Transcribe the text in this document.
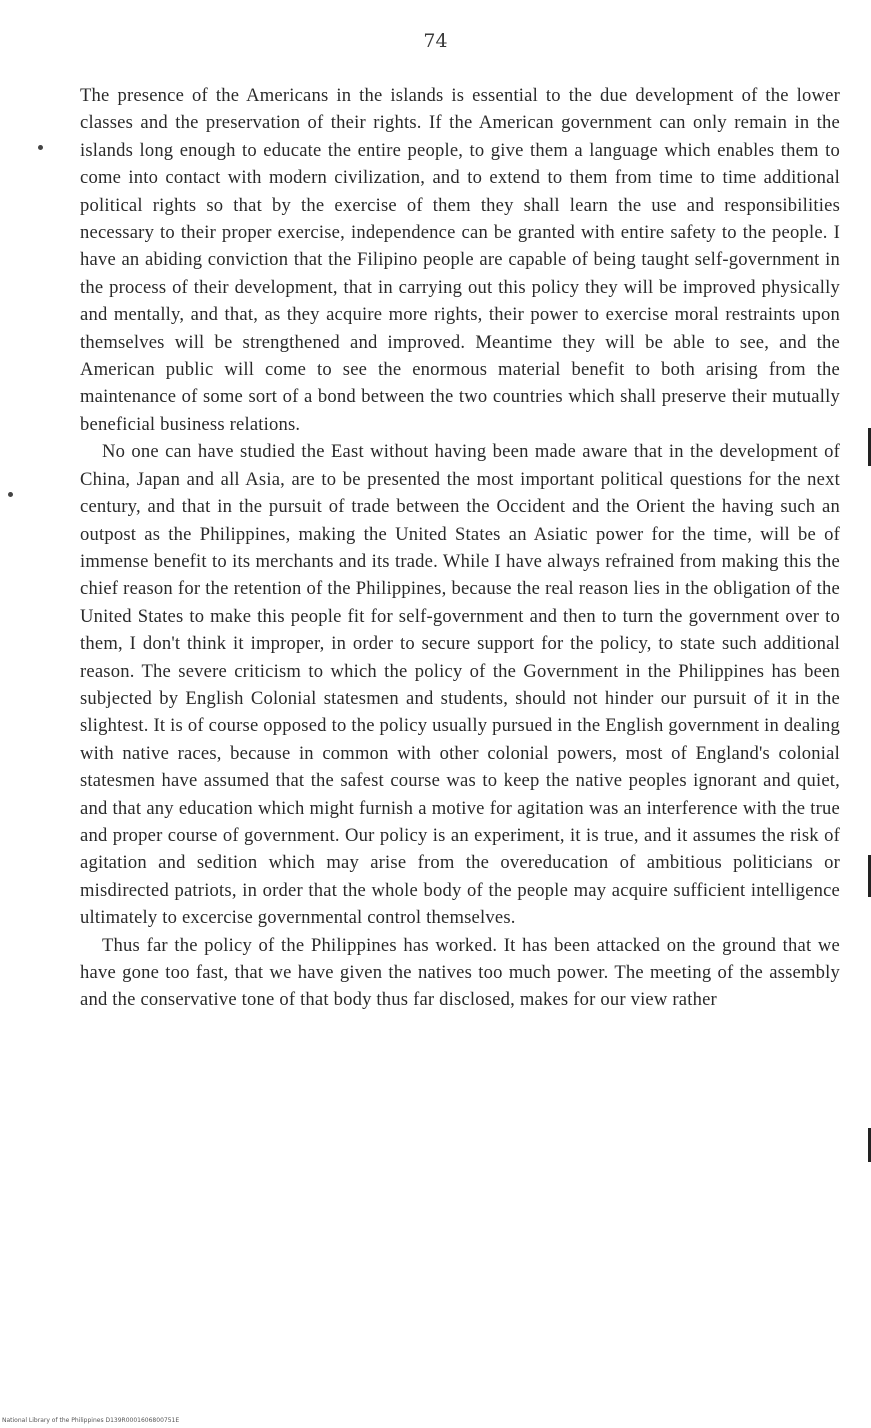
74

The presence of the Americans in the islands is essential to the due development of the lower classes and the preservation of their rights. If the American government can only remain in the islands long enough to educate the entire people, to give them a language which enables them to come into contact with modern civilization, and to extend to them from time to time additional political rights so that by the exercise of them they shall learn the use and responsibilities necessary to their proper exercise, independence can be granted with entire safety to the people. I have an abiding conviction that the Filipino people are capable of being taught self-government in the process of their development, that in carrying out this policy they will be improved physically and mentally, and that, as they acquire more rights, their power to exercise moral restraints upon themselves will be strengthened and improved. Meantime they will be able to see, and the American public will come to see the enormous material benefit to both arising from the maintenance of some sort of a bond between the two countries which shall preserve their mutually beneficial business relations.

No one can have studied the East without having been made aware that in the development of China, Japan and all Asia, are to be presented the most important political questions for the next century, and that in the pursuit of trade between the Occident and the Orient the having such an outpost as the Philippines, making the United States an Asiatic power for the time, will be of immense benefit to its merchants and its trade. While I have always refrained from making this the chief reason for the retention of the Philippines, because the real reason lies in the obligation of the United States to make this people fit for self-government and then to turn the government over to them, I don't think it improper, in order to secure support for the policy, to state such additional reason. The severe criticism to which the policy of the Government in the Philippines has been subjected by English Colonial statesmen and students, should not hinder our pursuit of it in the slightest. It is of course opposed to the policy usually pursued in the English government in dealing with native races, because in common with other colonial powers, most of England's colonial statesmen have assumed that the safest course was to keep the native peoples ignorant and quiet, and that any education which might furnish a motive for agitation was an interference with the true and proper course of government. Our policy is an experiment, it is true, and it assumes the risk of agitation and sedition which may arise from the overeducation of ambitious politicians or misdirected patriots, in order that the whole body of the people may acquire sufficient intelligence ultimately to excercise governmental control themselves.

Thus far the policy of the Philippines has worked. It has been attacked on the ground that we have gone too fast, that we have given the natives too much power. The meeting of the assembly and the conservative tone of that body thus far disclosed, makes for our view rather

National Library of the Philippines D139R0001606800751E
